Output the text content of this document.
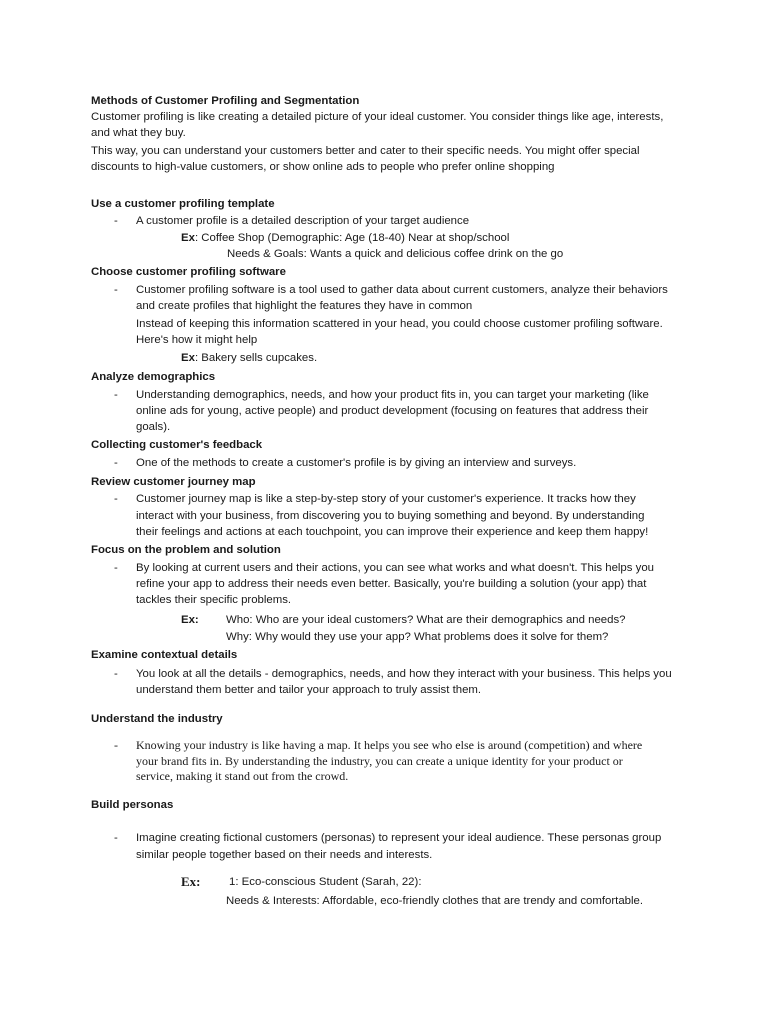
Methods of Customer Profiling and Segmentation
Customer profiling is like creating a detailed picture of your ideal customer. You consider things like age, interests,
and what they buy.
This way, you can understand your customers better and cater to their specific needs. You might offer special
discounts to high-value customers, or show online ads to people who prefer online shopping
Use a customer profiling template
- A customer profile is a detailed description of your target audience
Ex: Coffee Shop (Demographic: Age (18-40) Near at shop/school
Needs & Goals: Wants a quick and delicious coffee drink on the go
Choose customer profiling software
- Customer profiling software is a tool used to gather data about current customers, analyze their behaviors
and create profiles that highlight the features they have in common
Instead of keeping this information scattered in your head, you could choose customer profiling software.
Here's how it might help
Ex: Bakery sells cupcakes.
Analyze demographics
- Understanding demographics, needs, and how your product fits in, you can target your marketing (like
online ads for young, active people) and product development (focusing on features that address their
goals).
Collecting customer's feedback
- One of the methods to create a customer's profile is by giving an interview and surveys.
Review customer journey map
- Customer journey map is like a step-by-step story of your customer's experience. It tracks how they
interact with your business, from discovering you to buying something and beyond. By understanding
their feelings and actions at each touchpoint, you can improve their experience and keep them happy!
Focus on the problem and solution
- By looking at current users and their actions, you can see what works and what doesn't. This helps you
refine your app to address their needs even better. Basically, you're building a solution (your app) that
tackles their specific problems.
Ex: Who: Who are your ideal customers? What are their demographics and needs?
Why: Why would they use your app? What problems does it solve for them?
Examine contextual details
- You look at all the details - demographics, needs, and how they interact with your business. This helps you
understand them better and tailor your approach to truly assist them.
Understand the industry
- Knowing your industry is like having a map. It helps you see who else is around (competition) and where
your brand fits in. By understanding the industry, you can create a unique identity for your product or
service, making it stand out from the crowd.
Build personas
- Imagine creating fictional customers (personas) to represent your ideal audience. These personas group
similar people together based on their needs and interests.
Ex:	1: Eco-conscious Student (Sarah, 22):
Needs & Interests: Affordable, eco-friendly clothes that are trendy and comfortable.
